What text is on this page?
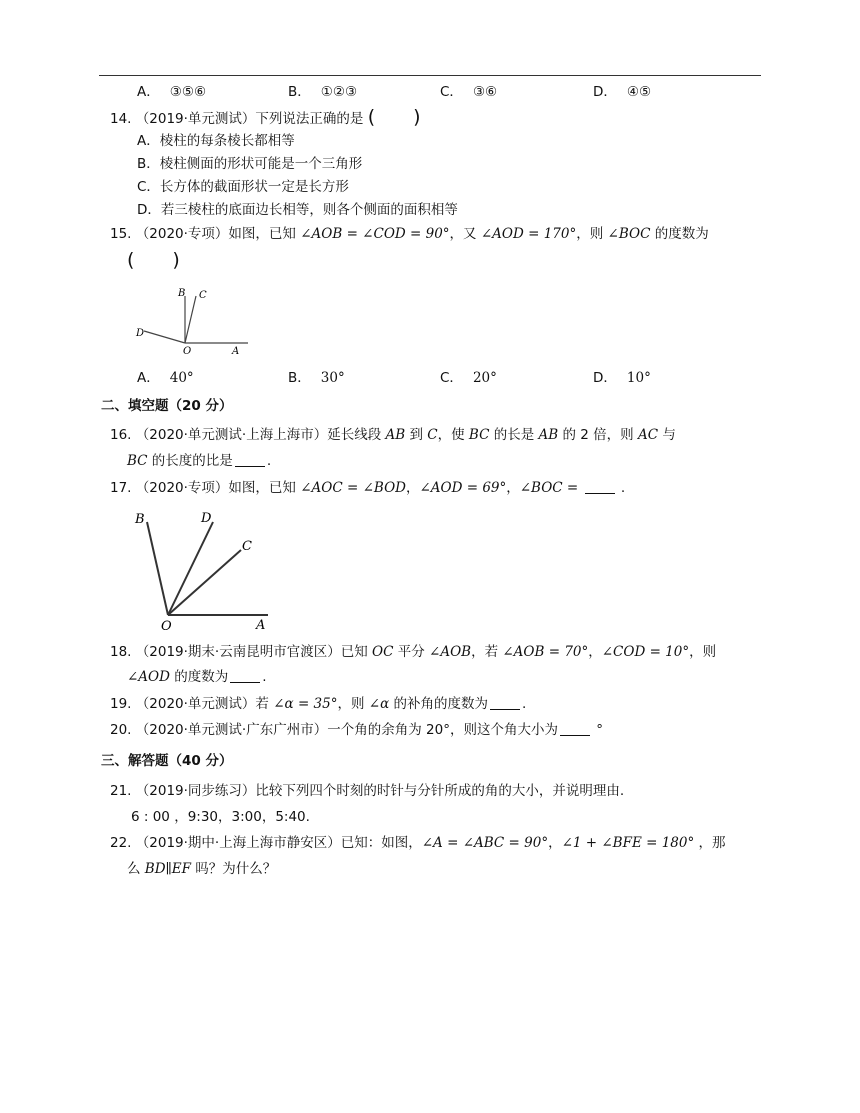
A． ③⑤⑥	B． ①②③	C． ③⑥	D． ④⑤
14. （2019·单元测试）下列说法正确的是 (　　)
A．棱柱的每条棱长都相等
B．棱柱侧面的形状可能是一个三角形
C．长方体的截面形状一定是长方形
D．若三棱柱的底面边长相等，则各个侧面的面积相等
15. （2020·专项）如图，已知 ∠AOB = ∠COD = 90°，又 ∠AOD = 170°，则 ∠BOC 的度数为
(　　)
B C
D
O	A
A． 40°	B． 30°	C． 20°	D． 10°
二、填空题（20 分）
16. （2020·单元测试·上海上海市）延长线段 AB 到 C，使 BC 的长是 AB 的 2 倍，则 AC 与
BC 的长度的比是	.
17. （2020·专项）如图，已知 ∠AOC = ∠BOD，∠AOD = 69°，∠BOC =	.
B	D
C
O	A
18. （2019·期末·云南昆明市官渡区）已知 OC 平分 ∠AOB，若 ∠AOB = 70°，∠COD = 10°，则
∠AOD 的度数为	.
19. （2020·单元测试）若 ∠α = 35°，则 ∠α 的补角的度数为	.
20. （2020·单元测试·广东广州市）一个角的余角为 20°，则这个角大小为	°
三、解答题（40 分）
21. （2019·同步练习）比较下列四个时刻的时针与分针所成的角的大小，并说明理由.
6 : 00 ，9:30，3:00，5:40.
22. （2019·期中·上海上海市静安区）已知：如图，∠A = ∠ABC = 90°，∠1 + ∠BFE = 180° ，那
么 BD∥EF 吗？为什么？
